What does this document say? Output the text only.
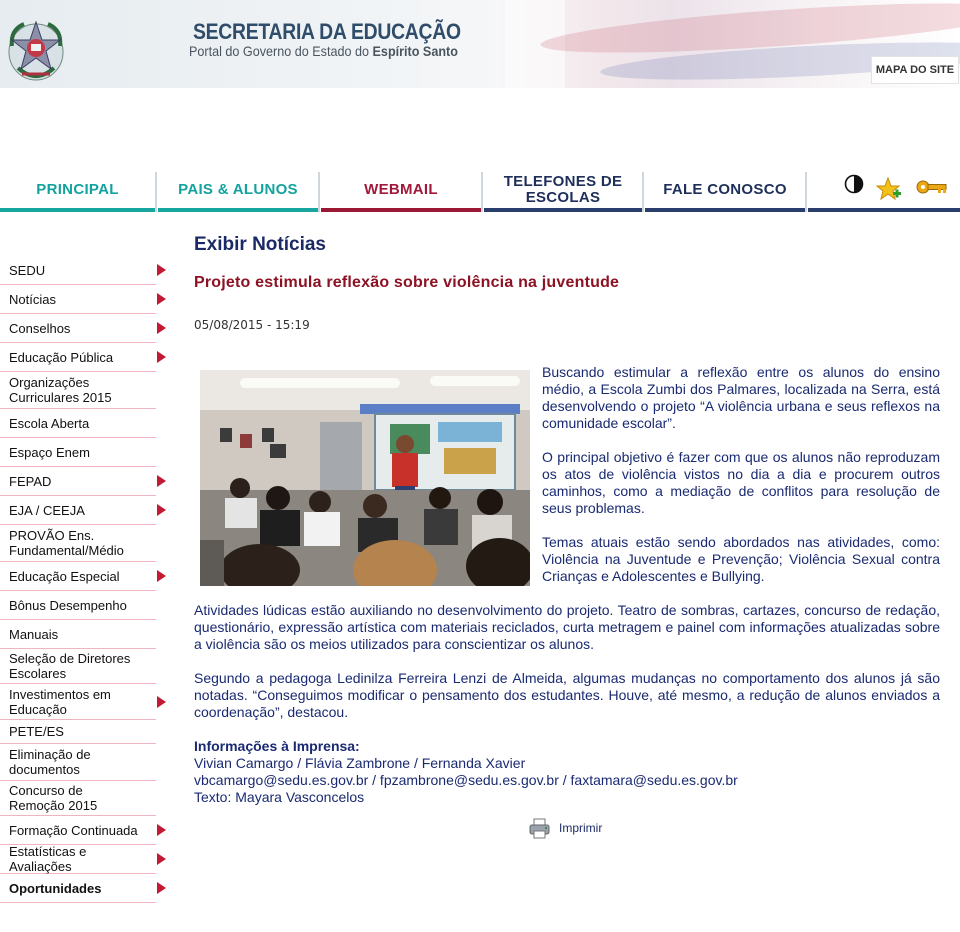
SECRETARIA DA EDUCAÇÃO
Portal do Governo do Estado do Espírito Santo
MAPA DO SITE
PRINCIPAL	PAIS & ALUNOS	WEBMAIL	TELEFONES DE ESCOLAS	FALE CONOSCO
SEDU
Notícias
Conselhos
Educação Pública
Organizações Curriculares 2015
Escola Aberta
Espaço Enem
FEPAD
EJA / CEEJA
PROVÃO Ens. Fundamental/Médio
Educação Especial
Bônus Desempenho
Manuais
Seleção de Diretores Escolares
Investimentos em Educação
PETE/ES
Eliminação de documentos
Concurso de Remoção 2015
Formação Continuada
Estatísticas e Avaliações
Oportunidades
Exibir Notícias
Projeto estimula reflexão sobre violência na juventude
05/08/2015 - 15:19

Buscando estimular a reflexão entre os alunos do ensino médio, a Escola Zumbi dos Palmares, localizada na Serra, está desenvolvendo o projeto “A violência urbana e seus reflexos na comunidade escolar”.

O principal objetivo é fazer com que os alunos não reproduzam os atos de violência vistos no dia a dia e procurem outros caminhos, como a mediação de conflitos para resolução de seus problemas.

Temas atuais estão sendo abordados nas atividades, como: Violência na Juventude e Prevenção; Violência Sexual contra Crianças e Adolescentes e Bullying.

Atividades lúdicas estão auxiliando no desenvolvimento do projeto. Teatro de sombras, cartazes, concurso de redação, questionário, expressão artística com materiais reciclados, curta metragem e painel com informações atualizadas sobre a violência são os meios utilizados para conscientizar os alunos.

Segundo a pedagoga Ledinilza Ferreira Lenzi de Almeida, algumas mudanças no comportamento dos alunos já são notadas. “Conseguimos modificar o pensamento dos estudantes. Houve, até mesmo, a redução de alunos enviados a coordenação”, destacou.

Informações à Imprensa:
Vivian Camargo / Flávia Zambrone / Fernanda Xavier
vbcamargo@sedu.es.gov.br / fpzambrone@sedu.es.gov.br / faxtamara@sedu.es.gov.br
Texto: Mayara Vasconcelos
Imprimir
